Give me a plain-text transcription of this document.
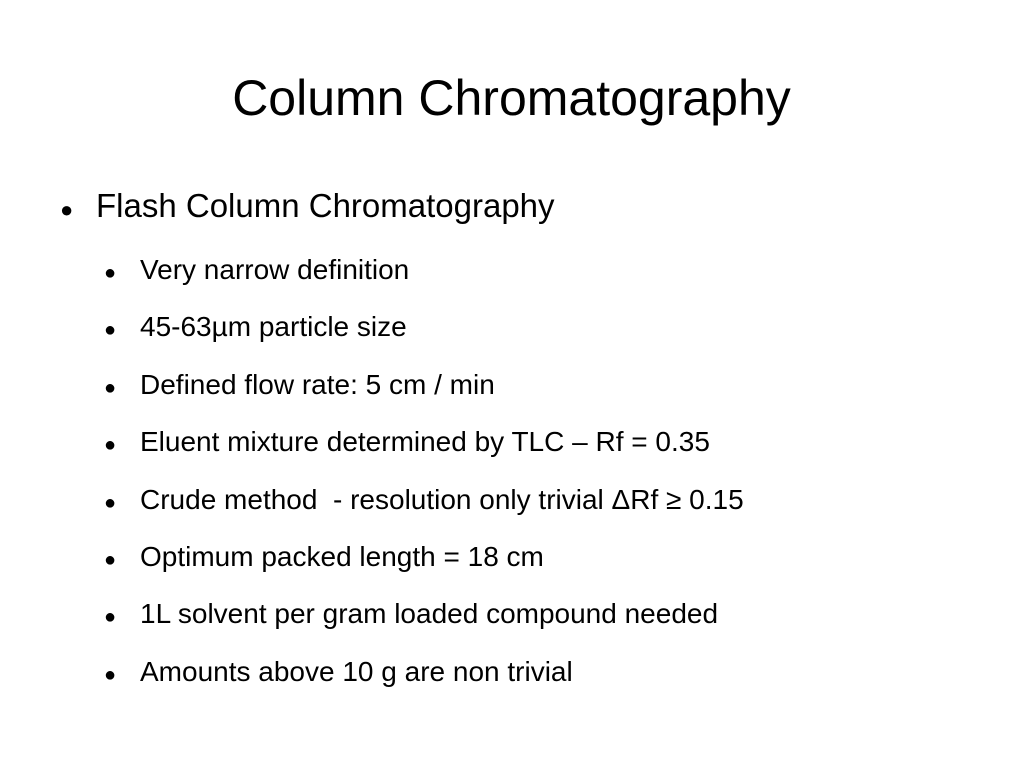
Column Chromatography
● Flash Column Chromatography
● Very narrow definition
● 45-63µm particle size
● Defined flow rate: 5 cm / min
● Eluent mixture determined by TLC – Rf = 0.35
● Crude method  - resolution only trivial ΔRf ≥ 0.15
● Optimum packed length = 18 cm
● 1L solvent per gram loaded compound needed
● Amounts above 10 g are non trivial
